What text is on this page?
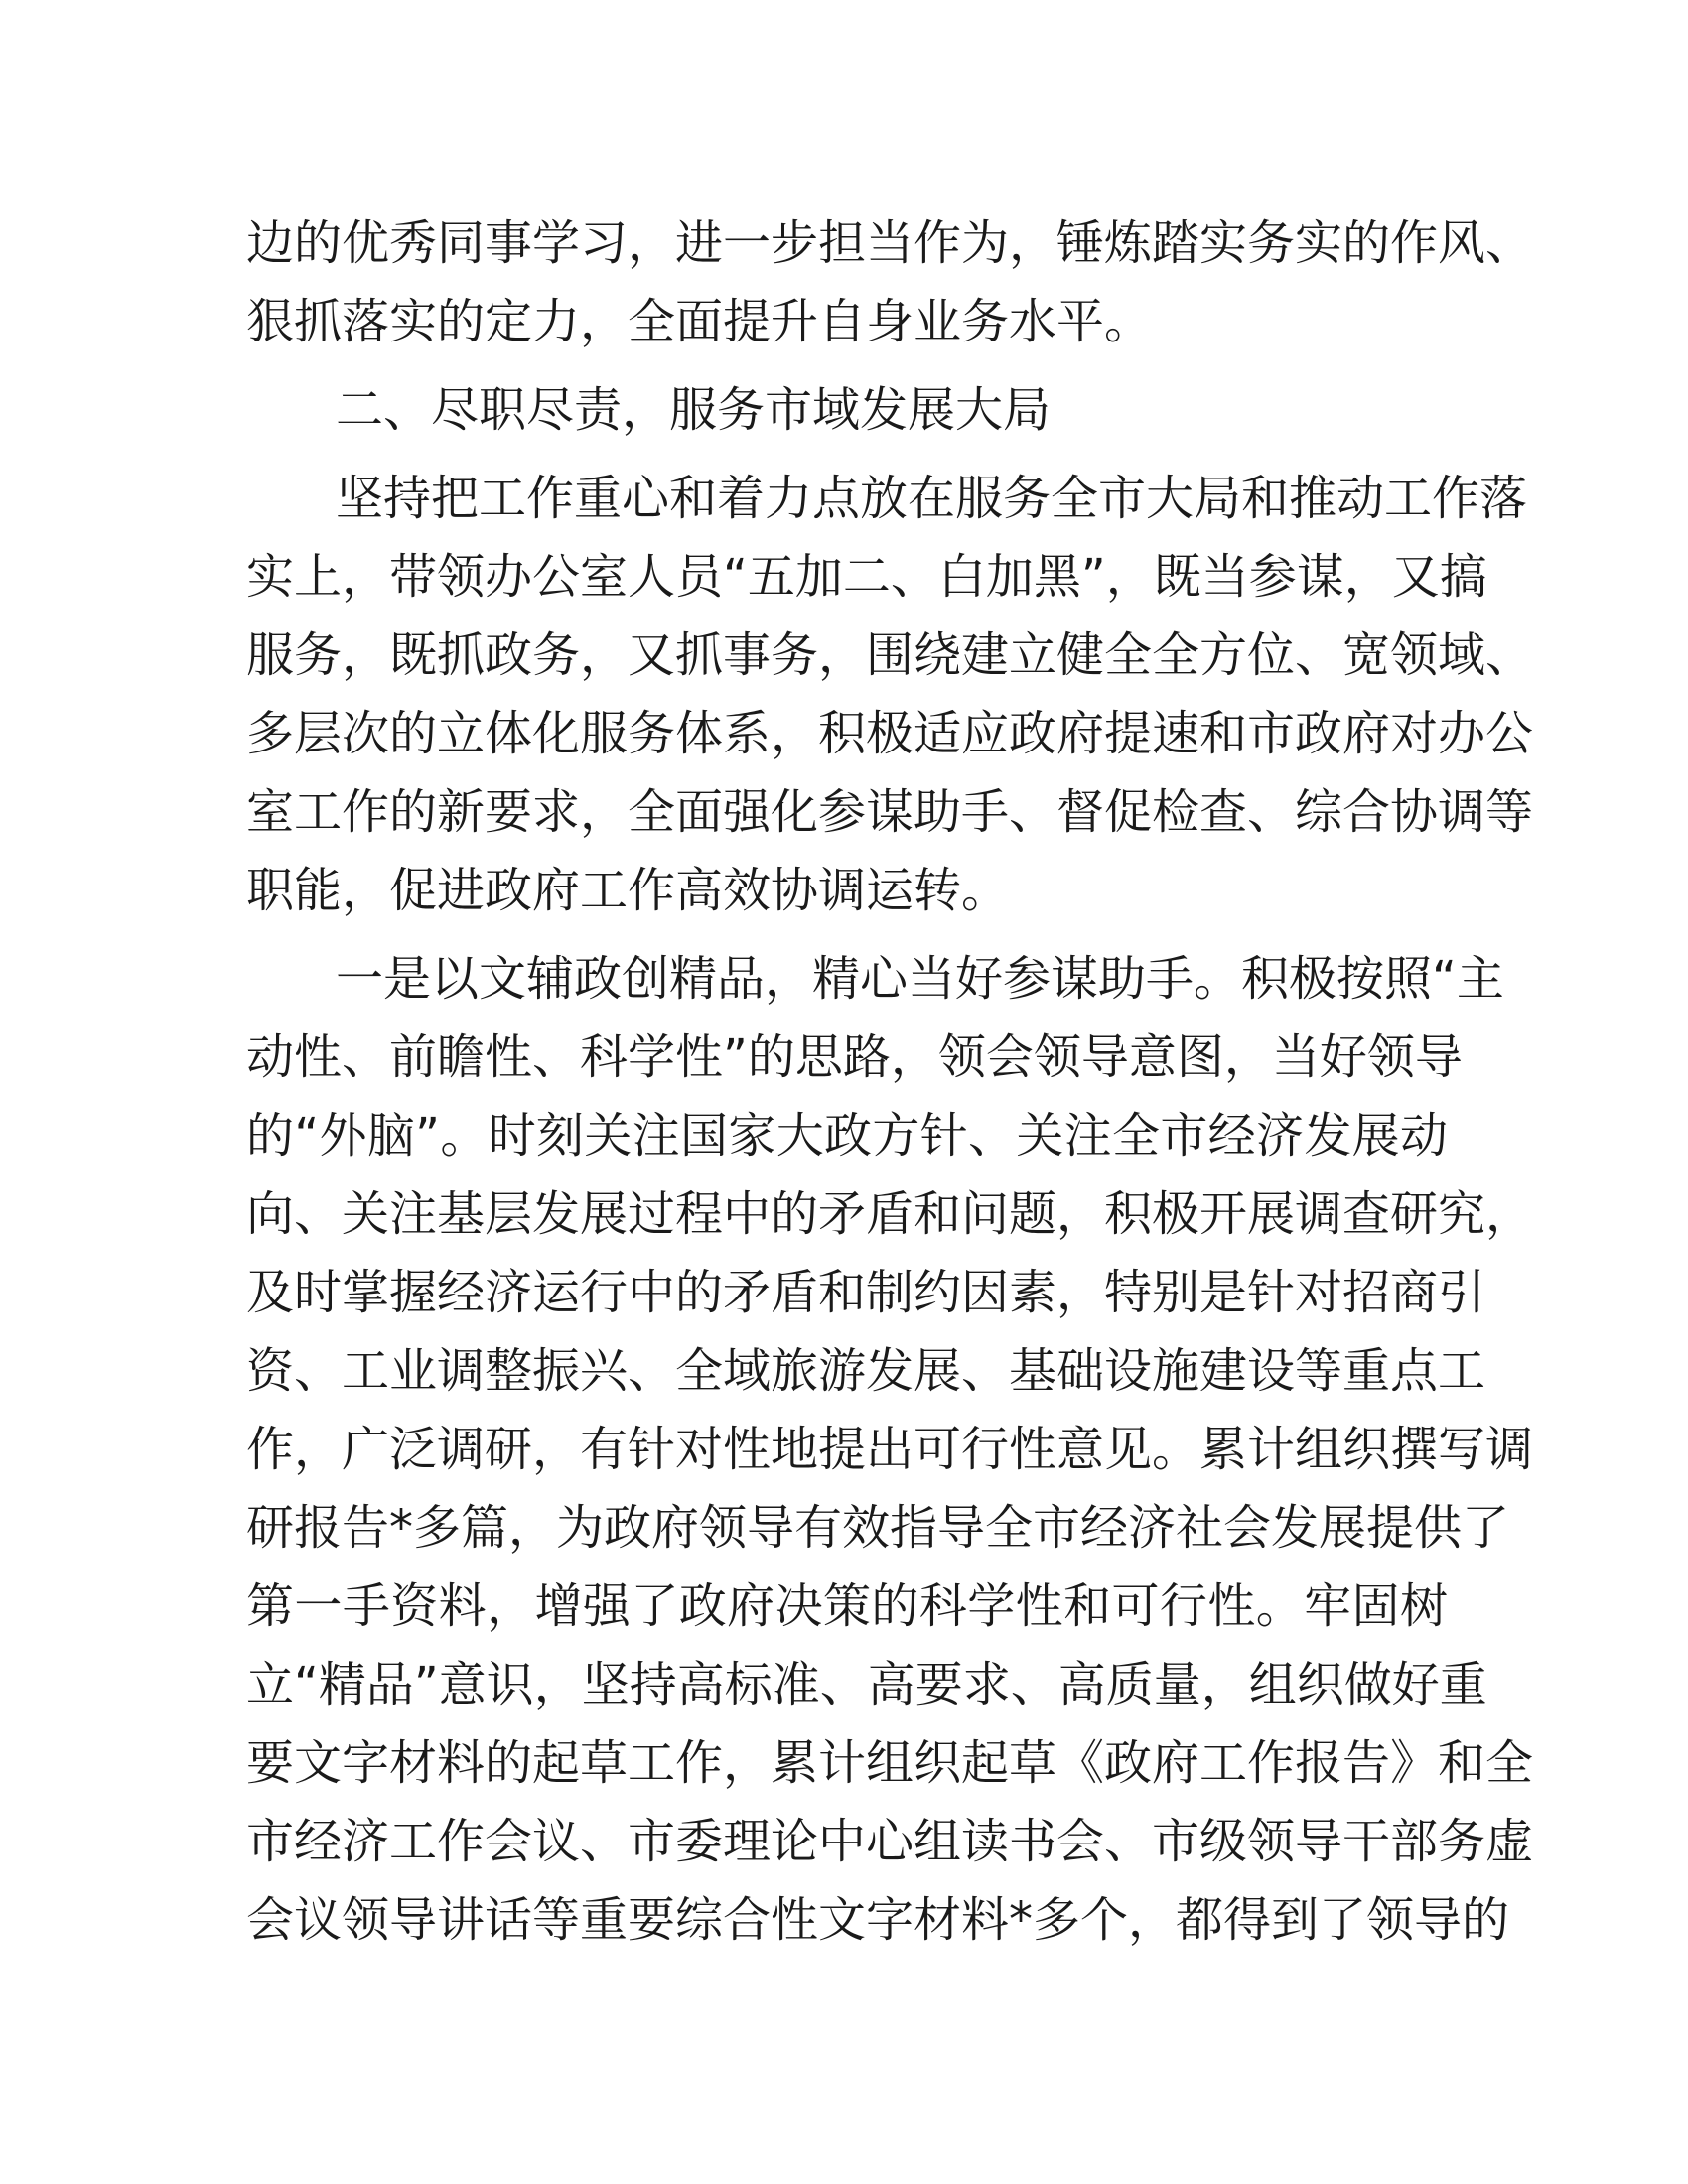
边的优秀同事学习，进一步担当作为，锤炼踏实务实的作风、
狠抓落实的定力，全面提升自身业务水平。
二、尽职尽责，服务市域发展大局
坚持把工作重心和着力点放在服务全市大局和推动工作落
实上，带领办公室人员“五加二、白加黑”，既当参谋，又搞
服务，既抓政务，又抓事务，围绕建立健全全方位、宽领域、
多层次的立体化服务体系，积极适应政府提速和市政府对办公
室工作的新要求，全面强化参谋助手、督促检查、综合协调等
职能，促进政府工作高效协调运转。
一是以文辅政创精品，精心当好参谋助手。积极按照“主
动性、前瞻性、科学性”的思路，领会领导意图，当好领导
的“外脑”。时刻关注国家大政方针、关注全市经济发展动
向、关注基层发展过程中的矛盾和问题，积极开展调查研究，
及时掌握经济运行中的矛盾和制约因素，特别是针对招商引
资、工业调整振兴、全域旅游发展、基础设施建设等重点工
作，广泛调研，有针对性地提出可行性意见。累计组织撰写调
研报告*多篇，为政府领导有效指导全市经济社会发展提供了
第一手资料，增强了政府决策的科学性和可行性。牢固树
立“精品”意识，坚持高标准、高要求、高质量，组织做好重
要文字材料的起草工作，累计组织起草《政府工作报告》和全
市经济工作会议、市委理论中心组读书会、市级领导干部务虚
会议领导讲话等重要综合性文字材料*多个，都得到了领导的
